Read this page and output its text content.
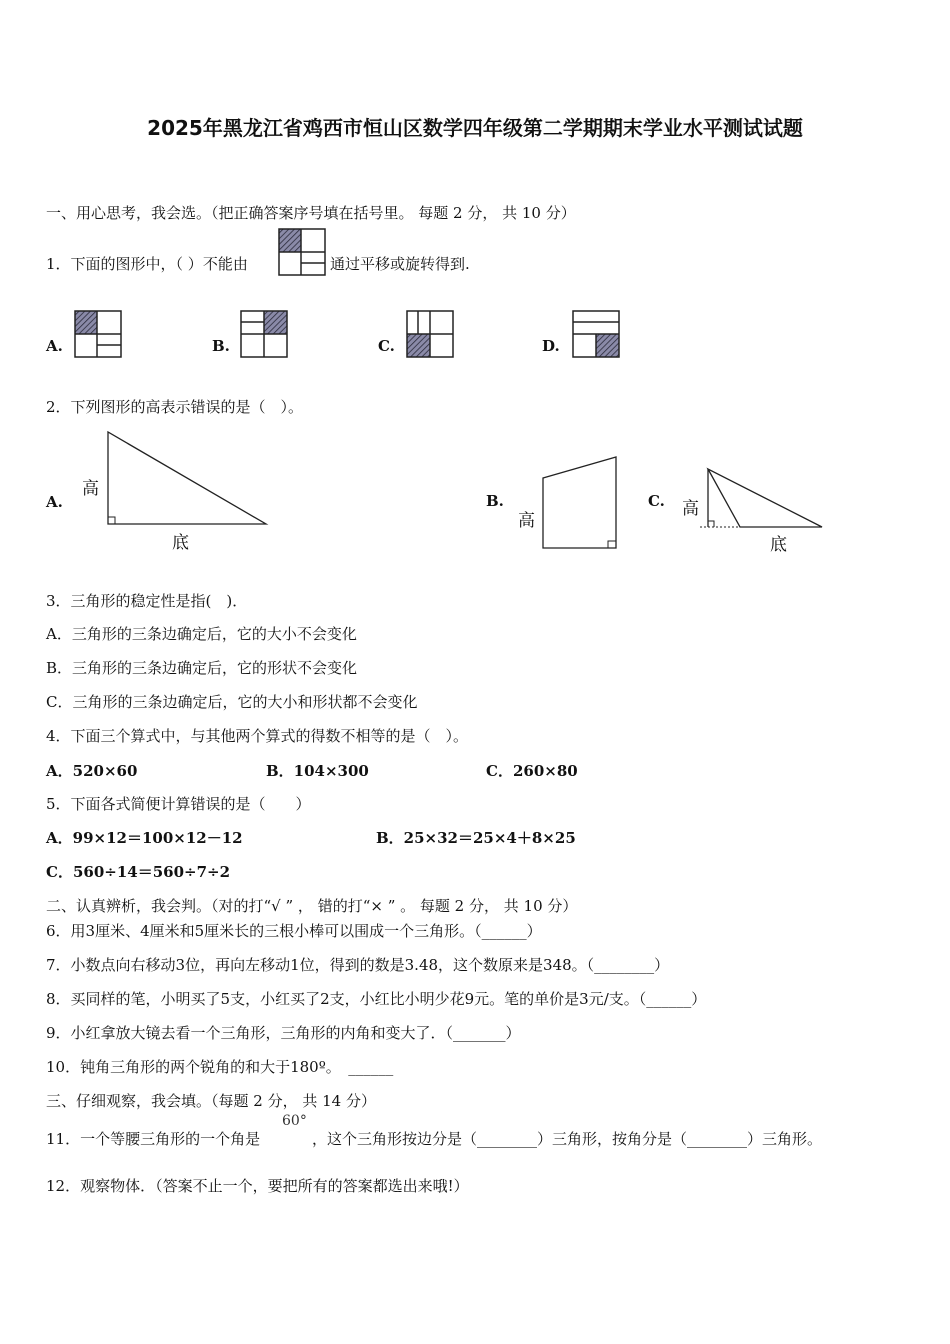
2025年黑龙江省鸡西市恒山区数学四年级第二学期期末学业水平测试试题
一、用心思考，我会选。（把正确答案序号填在括号里。 每题 2 分， 共 10 分）
1．下面的图形中，（ ）不能由	通过平移或旋转得到.
A.	B.	C.	D.
2．下列图形的高表示错误的是（　）。
A.
高
底
B.
高
C. 高
底
3．三角形的稳定性是指(　)．
A．三角形的三条边确定后，它的大小不会变化
B．三角形的三条边确定后，它的形状不会变化
C．三角形的三条边确定后，它的大小和形状都不会变化
4．下面三个算式中，与其他两个算式的得数不相等的是（　）。
A．520×60	B．104×300	C．260×80
5．下面各式简便计算错误的是（　　）
A．99×12＝100×12－12	B．25×32＝25×4＋8×25
C．560÷14＝560÷7÷2
二、认真辨析，我会判。（对的打“√ ” ， 错的打“× ” 。 每题 2 分， 共 10 分）
6．用3厘米、4厘米和5厘米长的三根小棒可以围成一个三角形。（______）
7．小数点向右移动3位，再向左移动1位，得到的数是3.48，这个数原来是348。（________）
8．买同样的笔，小明买了5支，小红买了2支，小红比小明少花9元。笔的单价是3元/支。（______）
9．小红拿放大镜去看一个三角形，三角形的内角和变大了．（_______）
10．钝角三角形的两个锐角的和大于180º。　______
三、仔细观察，我会填。（每题 2 分， 共 14 分）
11．一个等腰三角形的一个角是
60°
，这个三角形按边分是（________）三角形，按角分是（________）三角形。
12．观察物体．（答案不止一个，要把所有的答案都选出来哦!）
